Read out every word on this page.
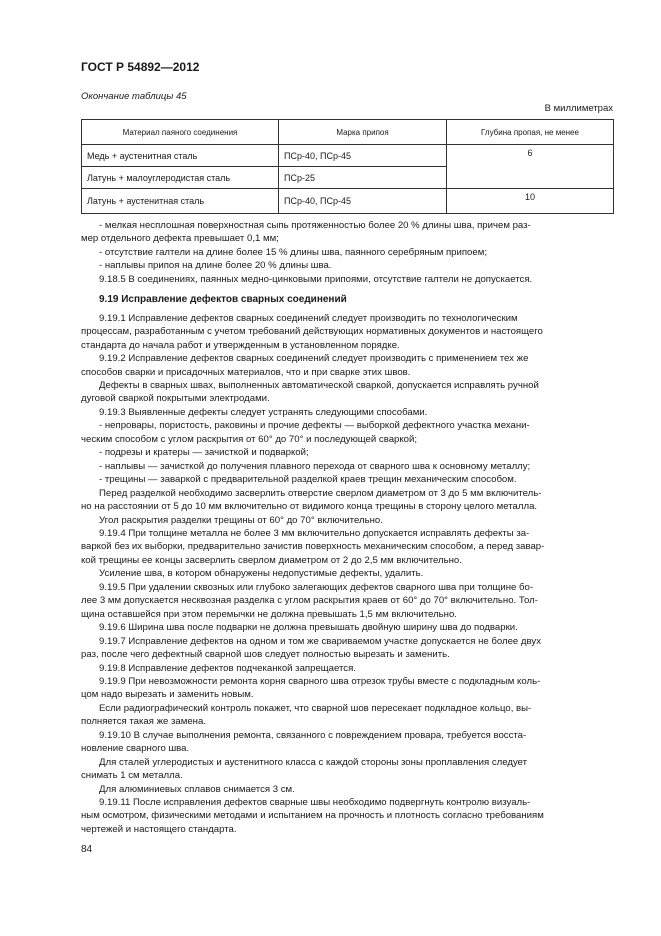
ГОСТ Р 54892—2012
Окончание таблицы 45
В миллиметрах
Материал паяного соединения	Марка припоя	Глубина пропая, не менее
Медь + аустенитная сталь	ПСр-40, ПСр-45	6
Латунь + малоуглеродистая сталь	ПСр-25	
Латунь + аустенитная сталь	ПСр-40, ПСр-45	10

- мелкая несплошная поверхностная сыпь протяженностью более 20 % длины шва, причем раз-

мер отдельного дефекта превышает 0,1 мм;

- отсутствие галтели на длине более 15 % длины шва, паянного серебряным припоем;

- наплывы припоя на длине более 20 % длины шва.

9.18.5 В соединениях, паянных медно-цинковыми припоями, отсутствие галтели не допускается.

9.19 Исправление дефектов сварных соединений

9.19.1 Исправление дефектов сварных соединений следует производить по технологическим

процессам, разработанным с учетом требований действующих нормативных документов и настоящего

стандарта до начала работ и утвержденным в установленном порядке.

9.19.2 Исправление дефектов сварных соединений следует производить с применением тех же

способов сварки и присадочных материалов, что и при сварке этих швов.

Дефекты в сварных швах, выполненных автоматической сваркой, допускается исправлять ручной

дуговой сваркой покрытыми электродами.

9.19.3 Выявленные дефекты следует устранять следующими способами.

- непровары, пористость, раковины и прочие дефекты — выборкой дефектного участка механи-

ческим способом с углом раскрытия от 60° до 70° и последующей сваркой;

- подрезы и кратеры — зачисткой и подваркой;

- наплывы — зачисткой до получения плавного перехода от сварного шва к основному металлу;

- трещины — заваркой с предварительной разделкой краев трещин механическим способом.

Перед разделкой необходимо засверлить отверстие сверлом диаметром от 3 до 5 мм включитель-

но на расстоянии от 5 до 10 мм включительно от видимого конца трещины в сторону целого металла.

Угол раскрытия разделки трещины от 60° до 70° включительно.

9.19.4 При толщине металла не более 3 мм включительно допускается исправлять дефекты за-

варкой без их выборки, предварительно зачистив поверхность механическим способом, а перед завар-

кой трещины ее концы засверлить сверлом диаметром от 2 до 2,5 мм включительно.

Усиление шва, в котором обнаружены недопустимые дефекты, удалить.

9.19.5 При удалении сквозных или глубоко залегающих дефектов сварного шва при толщине бо-

лее 3 мм допускается несквозная разделка с углом раскрытия краев от 60° до 70° включительно. Тол-

щина оставшейся при этом перемычки не должна превышать 1,5 мм включительно.

9.19.6 Ширина шва после подварки не должна превышать двойную ширину шва до подварки.

9.19.7 Исправление дефектов на одном и том же свариваемом участке допускается не более двух

раз, после чего дефектный сварной шов следует полностью вырезать и заменить.

9.19.8 Исправление дефектов подчеканкой запрещается.

9.19.9 При невозможности ремонта корня сварного шва отрезок трубы вместе с подкладным коль-

цом надо вырезать и заменить новым.

Если радиографический контроль покажет, что сварной шов пересекает подкладное кольцо, вы-

полняется такая же замена.

9.19.10 В случае выполнения ремонта, связанного с повреждением провара, требуется восста-

новление сварного шва.

Для сталей углеродистых и аустенитного класса с каждой стороны зоны проплавления следует

снимать 1 см металла.

Для алюминиевых сплавов снимается 3 см.

9.19.11 После исправления дефектов сварные швы необходимо подвергнуть контролю визуаль-

ным осмотром, физическими методами и испытанием на прочность и плотность согласно требованиям

чертежей и настоящего стандарта.

84
